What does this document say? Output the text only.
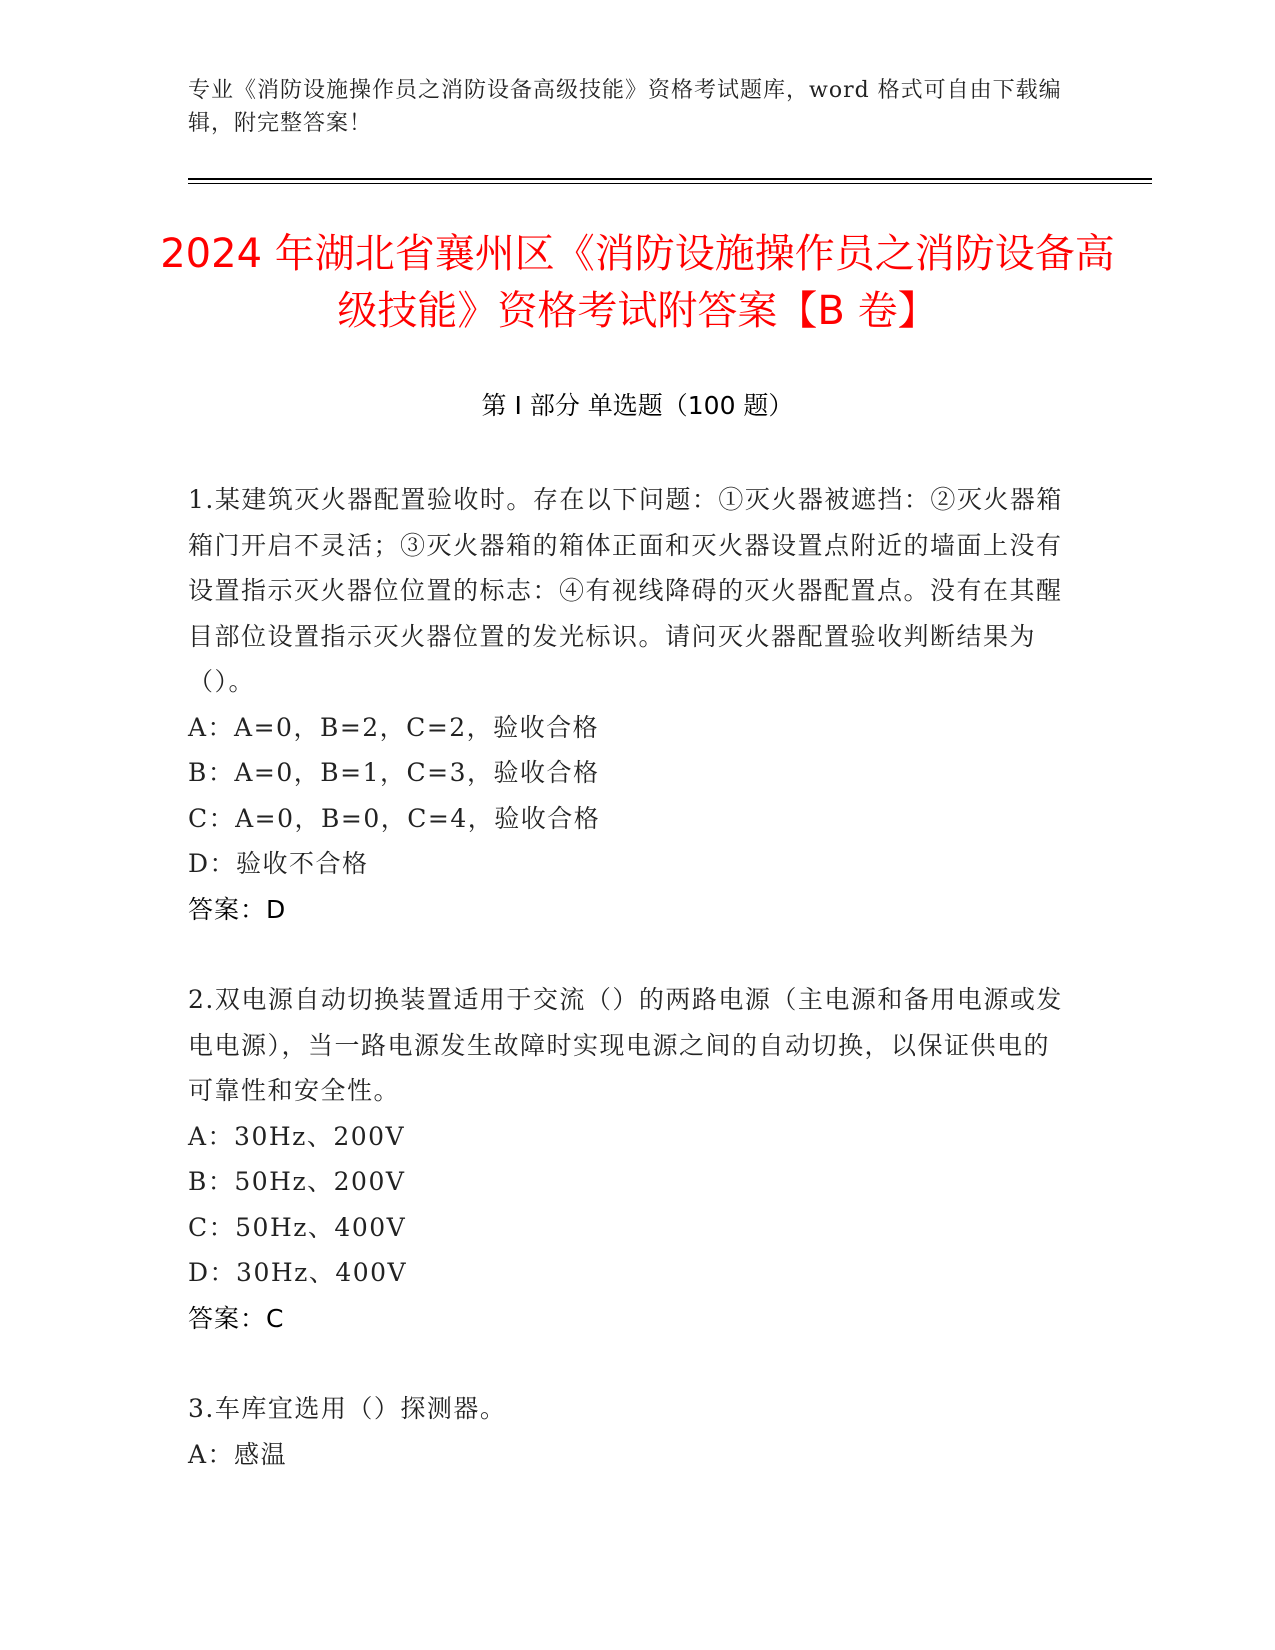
专业《消防设施操作员之消防设备高级技能》资格考试题库，word 格式可自由下载编辑，附完整答案！
2024 年湖北省襄州区《消防设施操作员之消防设备高级技能》资格考试附答案【B 卷】
第 I 部分 单选题（100 题）

1.某建筑灭火器配置验收时。存在以下问题：①灭火器被遮挡：②灭火器箱箱门开启不灵活；③灭火器箱的箱体正面和灭火器设置点附近的墙面上没有设置指示灭火器位位置的标志：④有视线降碍的灭火器配置点。没有在其醒目部位设置指示灭火器位置的发光标识。请问灭火器配置验收判断结果为（）。

A：A=0，B=2，C=2，验收合格

B：A=0，B=1，C=3，验收合格

C：A=0，B=0，C=4，验收合格

D：验收不合格

答案：D

2.双电源自动切换装置适用于交流（）的两路电源（主电源和备用电源或发电电源），当一路电源发生故障时实现电源之间的自动切换，以保证供电的可靠性和安全性。

A：30Hz、200V

B：50Hz、200V

C：50Hz、400V

D：30Hz、400V

答案：C

3.车库宜选用（）探测器。

A：感温
